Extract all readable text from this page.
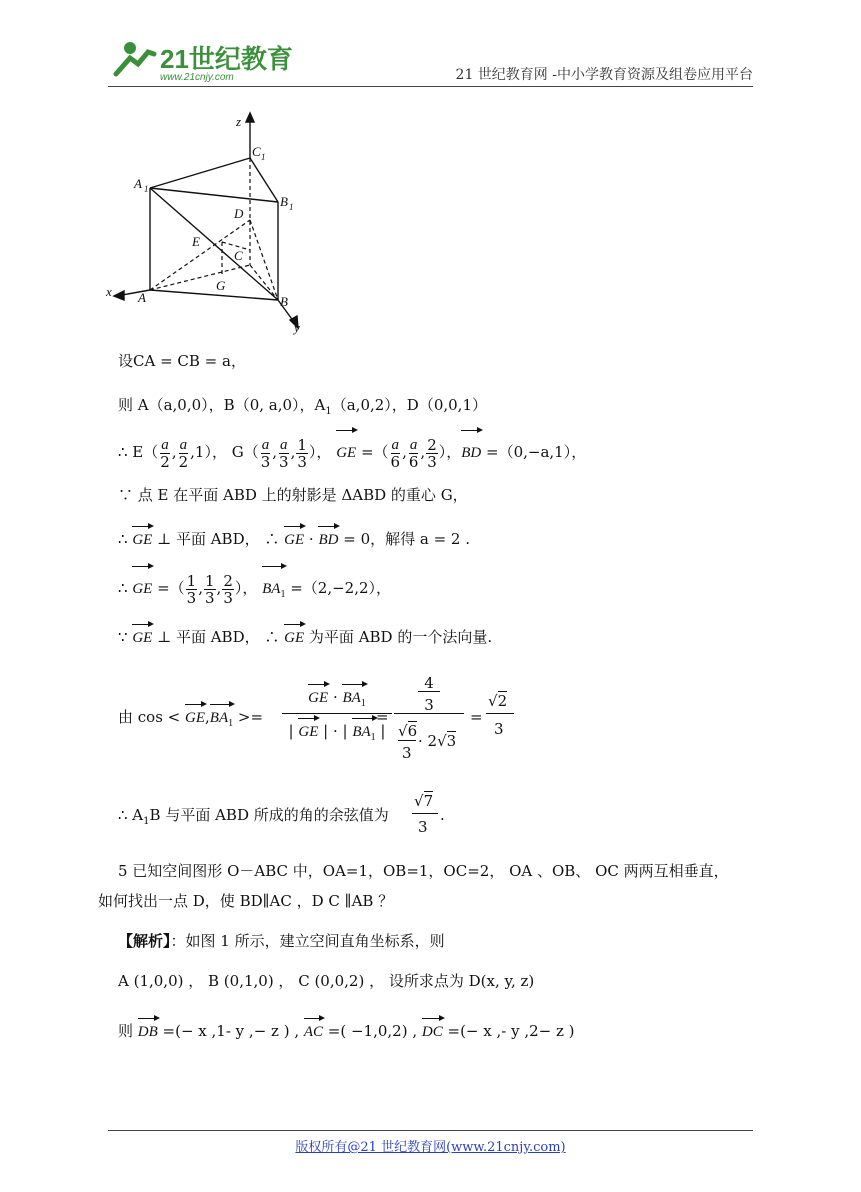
21世纪教育
www.21cnjy.com	21 世纪教育网 -中小学教育资源及组卷应用平台
z
C 1
A 1
B 1
D
E
C
G
x A	B
y
设CA = CB = a，
则 A（a,0,0），B（0, a,0），$A_1(a,0,2)$，D（0,0,1）
∴ $E( \frac{a}{2}$ , $\frac{a}{2} ,1$）， $G( \frac{a}{3}$ , $\frac{a}{3}$ , $\frac{1}{3}$ ）， GE =（ $\frac{a}{6}$ , $\frac{a}{6}$ , $\frac{2}{3}$ ），BD =（0,−a,1），
∵ 点 E 在平面 ABD 上的射影是 ΔABD 的重心 G，
∴ GE ⊥ 平面 ABD， ∴ GE · BD = 0，解得 a = 2 .
∴ GE =（ $\frac{1}{3}$ , $\frac{1}{3}$ , $\frac{2}{3}$ ）， $BA_1 =(2,-2,2)$，
∵ GE ⊥ 平面 ABD， ∴ GE 为平面 ABD 的一个法向量.
由 $\cos < GE,BA_1$ >=
GE · $BA_1$
| GE | · | $BA_1$ |
=
4
3
√6
3
· 2√3
=
√2
3
∴ $A_1B$ 与平面 ABD 所成的角的余弦值为
√7
3
.
5 已知空间图形 O－ABC 中，OA=1，OB=1，OC=2， OA 、OB、 OC 两两互相垂直，
如何找出一点 D，使 BD∥AC ，D C ∥AB ？
【解析】：如图 1 所示，建立空间直角坐标系，则
A (1,0,0) ， B (0,1,0) ， C (0,0,2) ， 设所求点为 D(x, y, z)
则 DB =(− x ,1- y ,− z ) , AC =( −1,0,2) , DC =(− x ,- y ,2− z )
版权所有@21 世纪教育网(www.21cnjy.com)
